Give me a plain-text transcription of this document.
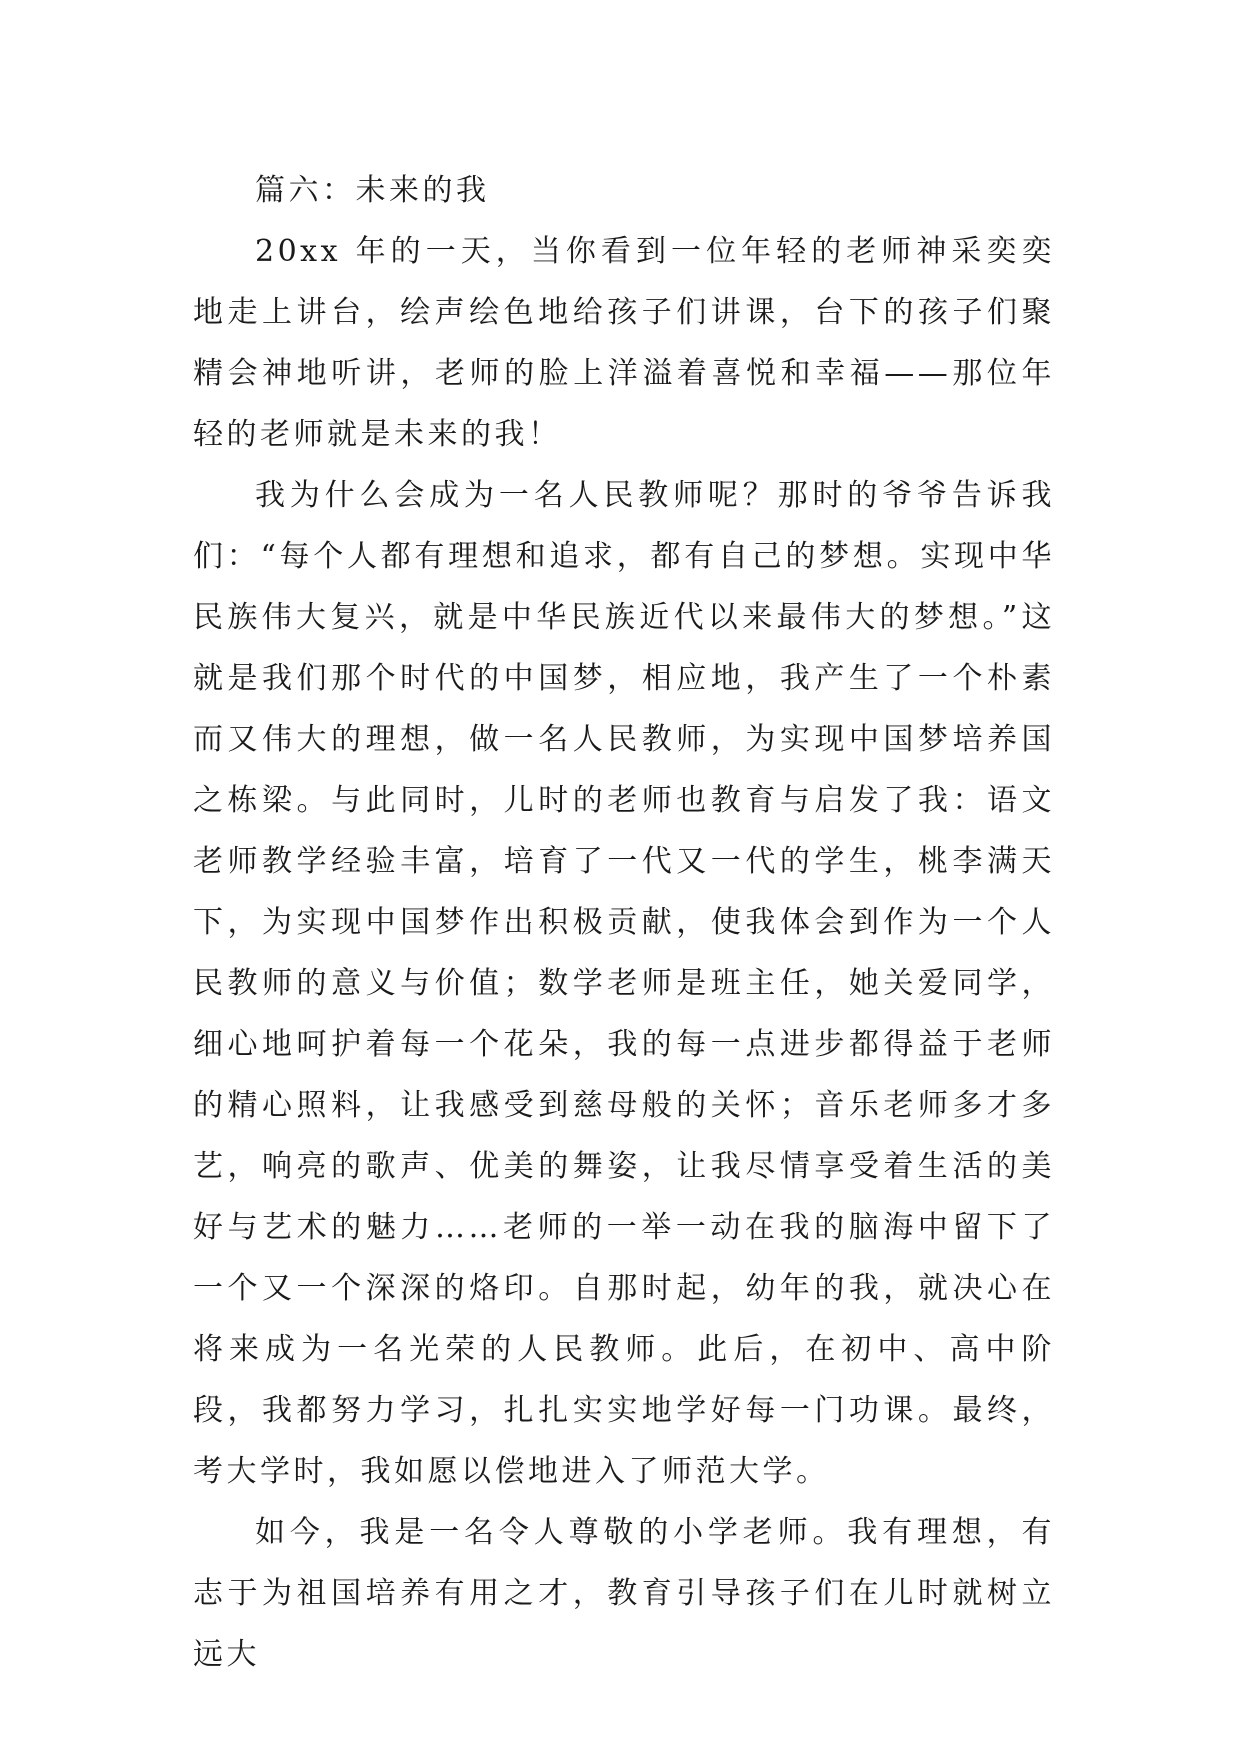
篇六：未来的我

20xx 年的一天，当你看到一位年轻的老师神采奕奕地走上讲台，绘声绘色地给孩子们讲课，台下的孩子们聚精会神地听讲，老师的脸上洋溢着喜悦和幸福——那位年轻的老师就是未来的我！

我为什么会成为一名人民教师呢？那时的爷爷告诉我们：“每个人都有理想和追求，都有自己的梦想。实现中华民族伟大复兴，就是中华民族近代以来最伟大的梦想。”这就是我们那个时代的中国梦，相应地，我产生了一个朴素而又伟大的理想，做一名人民教师，为实现中国梦培养国之栋梁。与此同时，儿时的老师也教育与启发了我：语文老师教学经验丰富，培育了一代又一代的学生，桃李满天下，为实现中国梦作出积极贡献，使我体会到作为一个人民教师的意义与价值；数学老师是班主任，她关爱同学，细心地呵护着每一个花朵，我的每一点进步都得益于老师的精心照料，让我感受到慈母般的关怀；音乐老师多才多艺，响亮的歌声、优美的舞姿，让我尽情享受着生活的美好与艺术的魅力……老师的一举一动在我的脑海中留下了一个又一个深深的烙印。自那时起，幼年的我，就决心在将来成为一名光荣的人民教师。此后，在初中、高中阶段，我都努力学习，扎扎实实地学好每一门功课。最终，考大学时，我如愿以偿地进入了师范大学。

如今，我是一名令人尊敬的小学老师。我有理想，有志于为祖国培养有用之才，教育引导孩子们在儿时就树立远大
